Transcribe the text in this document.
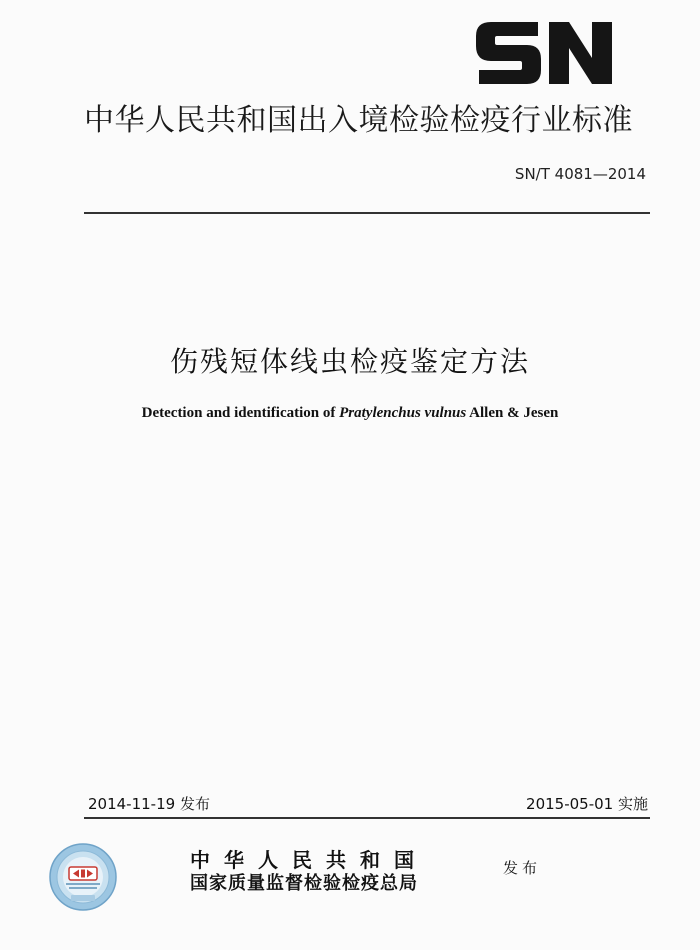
中华人民共和国出入境检验检疫行业标准
SN/T 4081—2014
伤残短体线虫检疫鉴定方法
Detection and identification of Pratylenchus vulnus Allen & Jesen
2014-11-19 发布	2015-05-01 实施
中华人民共和国
国家质量监督检验检疫总局
发布
